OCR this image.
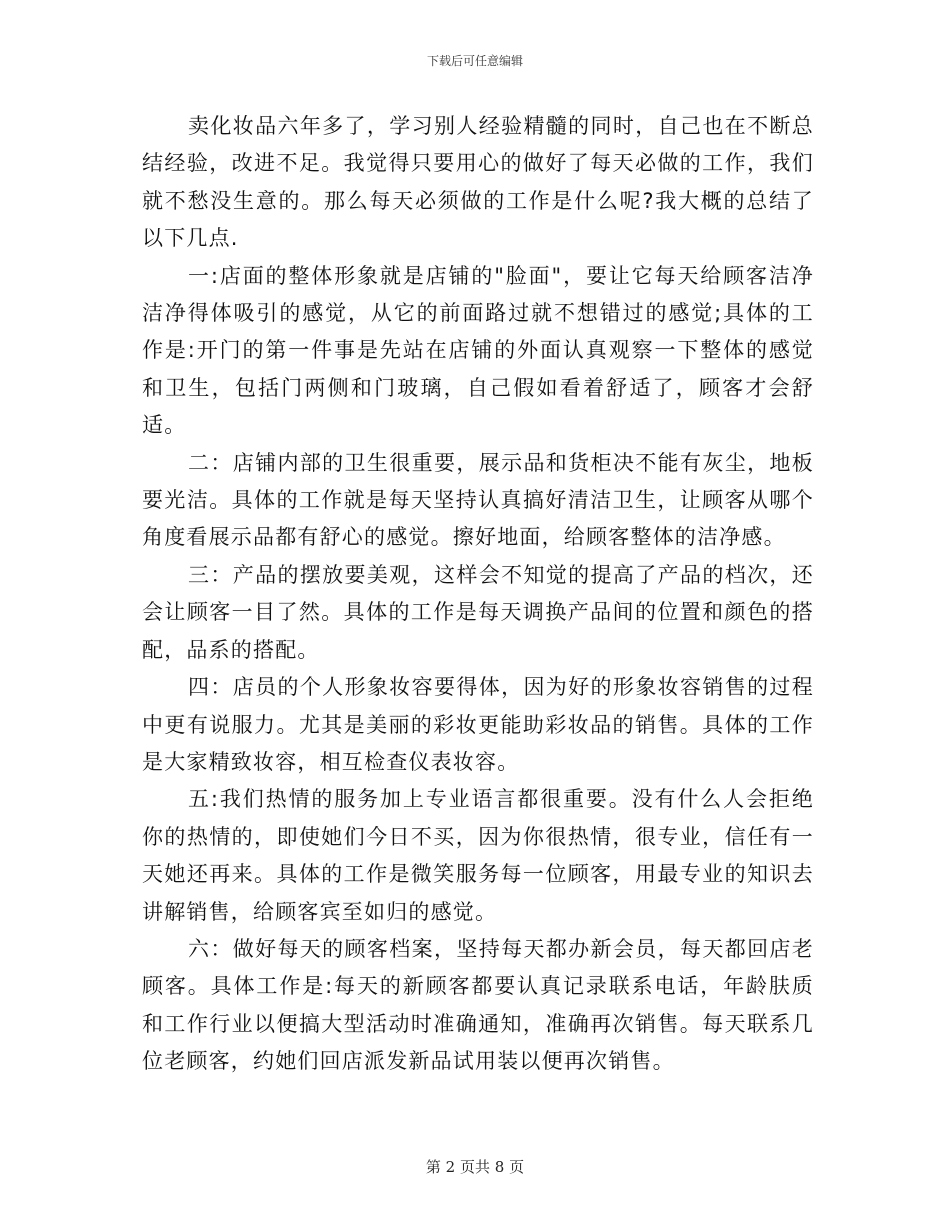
下载后可任意编辑

卖化妆品六年多了，学习别人经验精髓的同时，自己也在不断总结经验，改进不足。我觉得只要用心的做好了每天必做的工作，我们就不愁没生意的。那么每天必须做的工作是什么呢?我大概的总结了以下几点.

一:店面的整体形象就是店铺的"脸面"，要让它每天给顾客洁净洁净得体吸引的感觉，从它的前面路过就不想错过的感觉;具体的工作是:开门的第一件事是先站在店铺的外面认真观察一下整体的感觉和卫生，包括门两侧和门玻璃，自己假如看着舒适了，顾客才会舒适。

二：店铺内部的卫生很重要，展示品和货柜决不能有灰尘，地板要光洁。具体的工作就是每天坚持认真搞好清洁卫生，让顾客从哪个角度看展示品都有舒心的感觉。擦好地面，给顾客整体的洁净感。

三：产品的摆放要美观，这样会不知觉的提高了产品的档次，还会让顾客一目了然。具体的工作是每天调换产品间的位置和颜色的搭配，品系的搭配。

四：店员的个人形象妆容要得体，因为好的形象妆容销售的过程中更有说服力。尤其是美丽的彩妆更能助彩妆品的销售。具体的工作是大家精致妆容，相互检查仪表妆容。

五:我们热情的服务加上专业语言都很重要。没有什么人会拒绝你的热情的，即使她们今日不买，因为你很热情，很专业，信任有一天她还再来。具体的工作是微笑服务每一位顾客，用最专业的知识去讲解销售，给顾客宾至如归的感觉。

六：做好每天的顾客档案，坚持每天都办新会员，每天都回店老顾客。具体工作是:每天的新顾客都要认真记录联系电话，年龄肤质和工作行业以便搞大型活动时准确通知，准确再次销售。每天联系几位老顾客，约她们回店派发新品试用装以便再次销售。

第 2 页共 8 页
